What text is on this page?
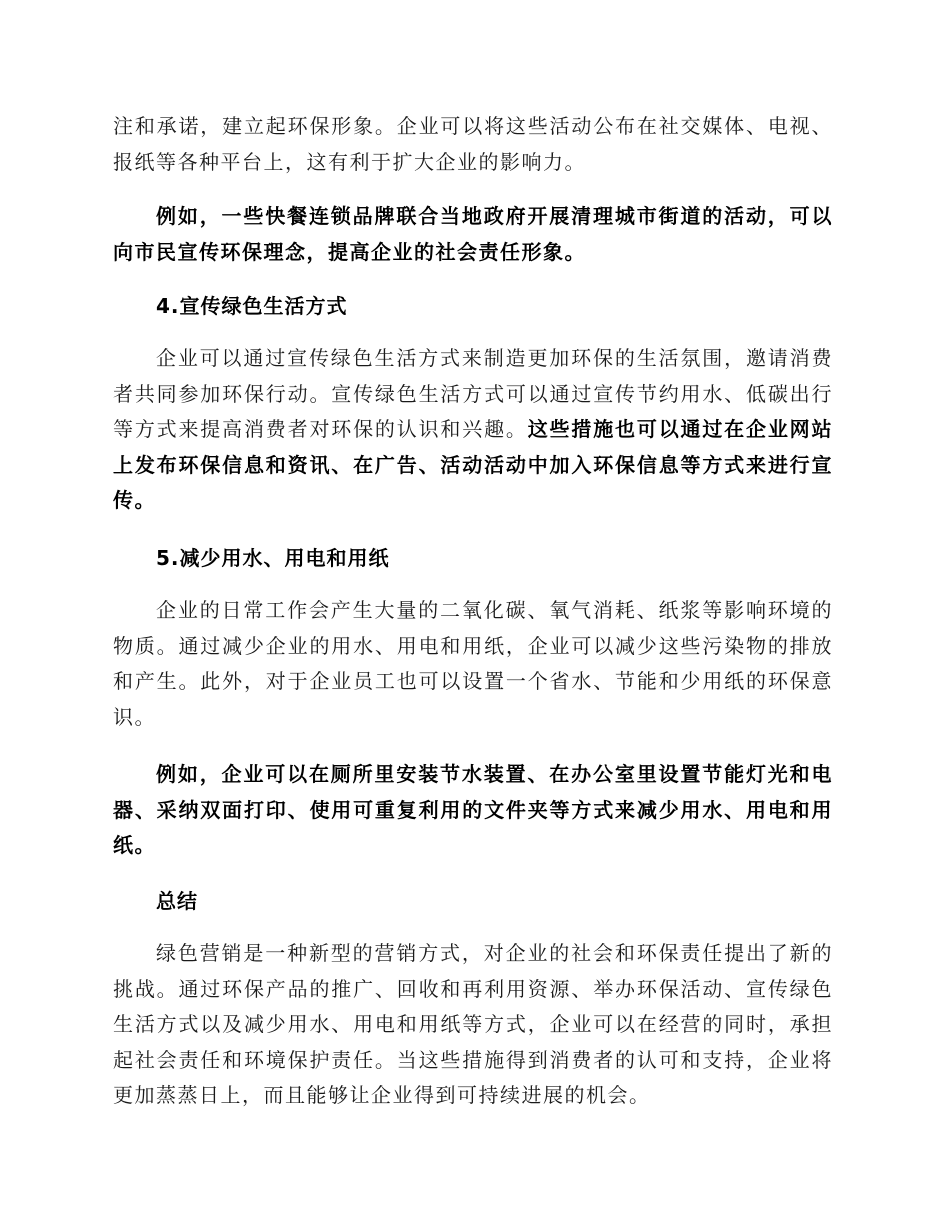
注和承诺，建立起环保形象。企业可以将这些活动公布在社交媒体、电视、报纸等各种平台上，这有利于扩大企业的影响力。

例如，一些快餐连锁品牌联合当地政府开展清理城市街道的活动，可以向市民宣传环保理念，提高企业的社会责任形象。

4.宣传绿色生活方式

企业可以通过宣传绿色生活方式来制造更加环保的生活氛围，邀请消费者共同参加环保行动。宣传绿色生活方式可以通过宣传节约用水、低碳出行等方式来提高消费者对环保的认识和兴趣。这些措施也可以通过在企业网站上发布环保信息和资讯、在广告、活动活动中加入环保信息等方式来进行宣传。

5.减少用水、用电和用纸

企业的日常工作会产生大量的二氧化碳、氧气消耗、纸浆等影响环境的物质。通过减少企业的用水、用电和用纸，企业可以减少这些污染物的排放和产生。此外，对于企业员工也可以设置一个省水、节能和少用纸的环保意识。

例如，企业可以在厕所里安装节水装置、在办公室里设置节能灯光和电器、采纳双面打印、使用可重复利用的文件夹等方式来减少用水、用电和用纸。

总结

绿色营销是一种新型的营销方式，对企业的社会和环保责任提出了新的挑战。通过环保产品的推广、回收和再利用资源、举办环保活动、宣传绿色生活方式以及减少用水、用电和用纸等方式，企业可以在经营的同时，承担起社会责任和环境保护责任。当这些措施得到消费者的认可和支持，企业将更加蒸蒸日上，而且能够让企业得到可持续进展的机会。
